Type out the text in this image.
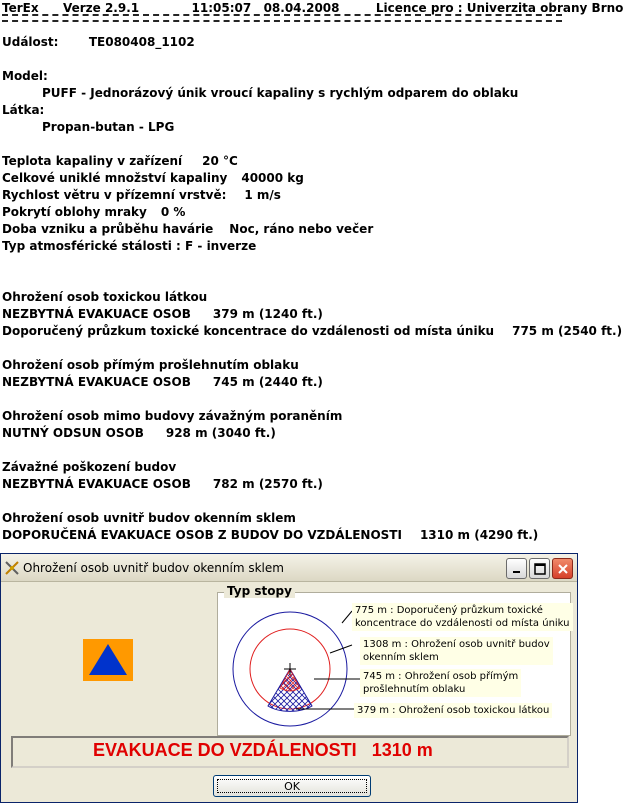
TerEx Verze 2.9.1	11:05:07 08.04.2008	Licence pro : Univerzita obrany Brno
Událost:	TE080408_1102
Model:
PUFF - Jednorázový únik vroucí kapaliny s rychlým odparem do oblaku
Látka:
Propan-butan - LPG
Teplota kapaliny v zařízení 20 °C
Celkové uniklé množství kapaliny 40000 kg
Rychlost větru v přízemní vrstvě: 1 m/s
Pokrytí oblohy mraky 0 %
Doba vzniku a průběhu havárie Noc, ráno nebo večer
Typ atmosférické stálosti : F - inverze
Ohrožení osob toxickou látkou
NEZBYTNÁ EVAKUACE OSOB 379 m (1240 ft.)
Doporučený průzkum toxické koncentrace do vzdálenosti od místa úniku 775 m (2540 ft.)
Ohrožení osob přímým prošlehnutím oblaku
NEZBYTNÁ EVAKUACE OSOB 745 m (2440 ft.)
Ohrožení osob mimo budovy závažným poraněním
NUTNÝ ODSUN OSOB 928 m (3040 ft.)
Závažné poškození budov
NEZBYTNÁ EVAKUACE OSOB 782 m (2570 ft.)
Ohrožení osob uvnitř budov okenním sklem
DOPORUČENÁ EVAKUACE OSOB Z BUDOV DO VZDÁLENOSTI 1310 m (4290 ft.)
Ohrožení osob uvnitř budov okenním sklem
Typ stopy
775 m : Doporučený průzkum toxické
koncentrace do vzdálenosti od místa úniku
1308 m : Ohrožení osob uvnitř budov
okenním sklem
745 m : Ohrožení osob přímým
prošlehnutím oblaku
379 m : Ohrožení osob toxickou látkou
EVAKUACE DO VZDÁLENOSTI 1310 m
OK
